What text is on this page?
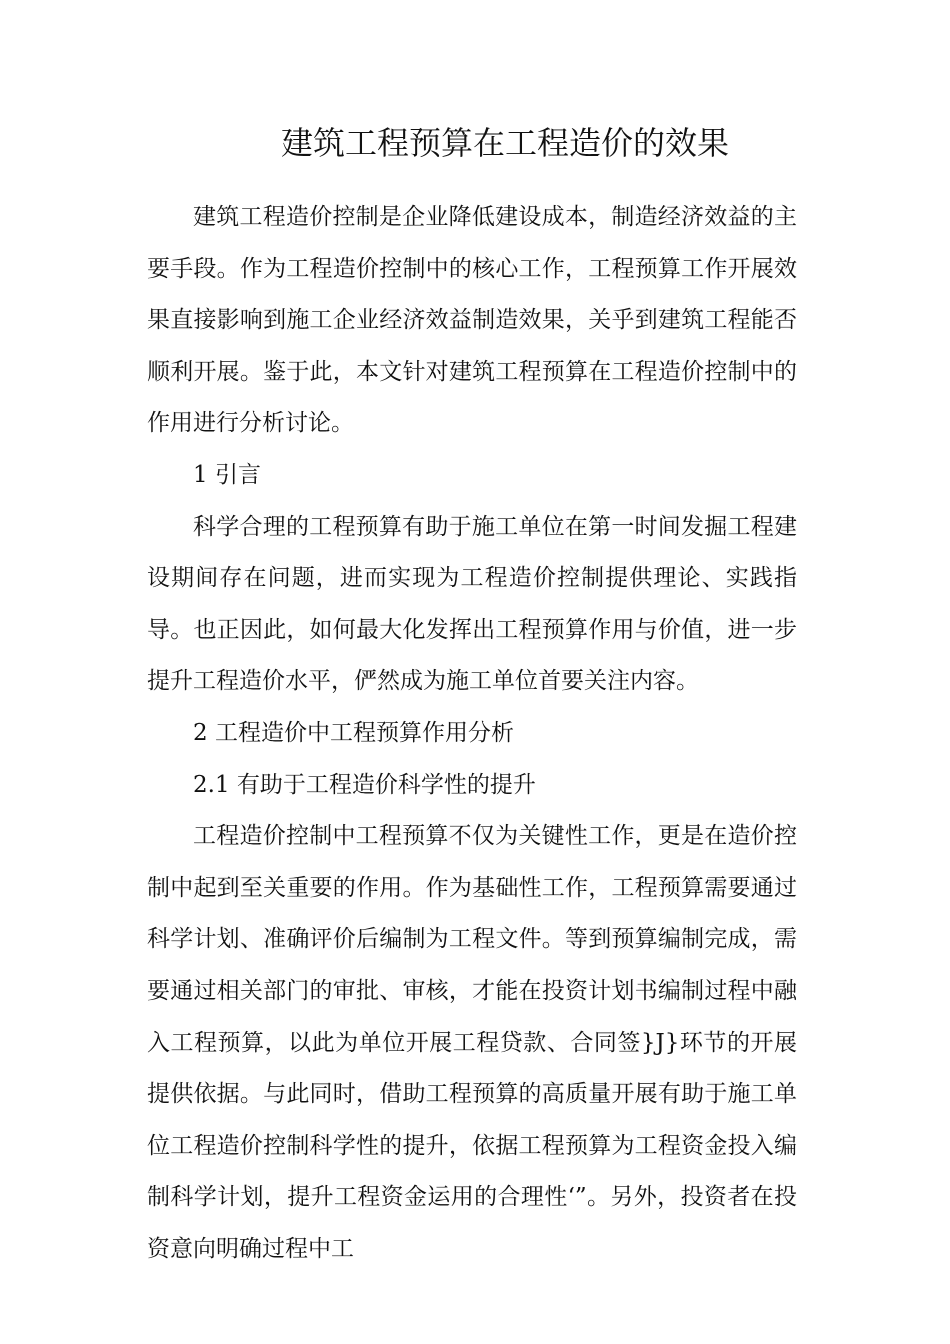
建筑工程预算在工程造价的效果

建筑工程造价控制是企业降低建设成本，制造经济效益的主要手段。作为工程造价控制中的核心工作，工程预算工作开展效果直接影响到施工企业经济效益制造效果，关乎到建筑工程能否顺利开展。鉴于此，本文针对建筑工程预算在工程造价控制中的作用进行分析讨论。

1 引言

科学合理的工程预算有助于施工单位在第一时间发掘工程建设期间存在问题，进而实现为工程造价控制提供理论、实践指导。也正因此，如何最大化发挥出工程预算作用与价值，进一步提升工程造价水平，俨然成为施工单位首要关注内容。

2 工程造价中工程预算作用分析

2.1 有助于工程造价科学性的提升

工程造价控制中工程预算不仅为关键性工作，更是在造价控制中起到至关重要的作用。作为基础性工作，工程预算需要通过科学计划、准确评价后编制为工程文件。等到预算编制完成，需要通过相关部门的审批、审核，才能在投资计划书编制过程中融入工程预算，以此为单位开展工程贷款、合同签}J}环节的开展提供依据。与此同时，借助工程预算的高质量开展有助于施工单位工程造价控制科学性的提升，依据工程预算为工程资金投入编制科学计划，提升工程资金运用的合理性‘”。另外，投资者在投资意向明确过程中工
